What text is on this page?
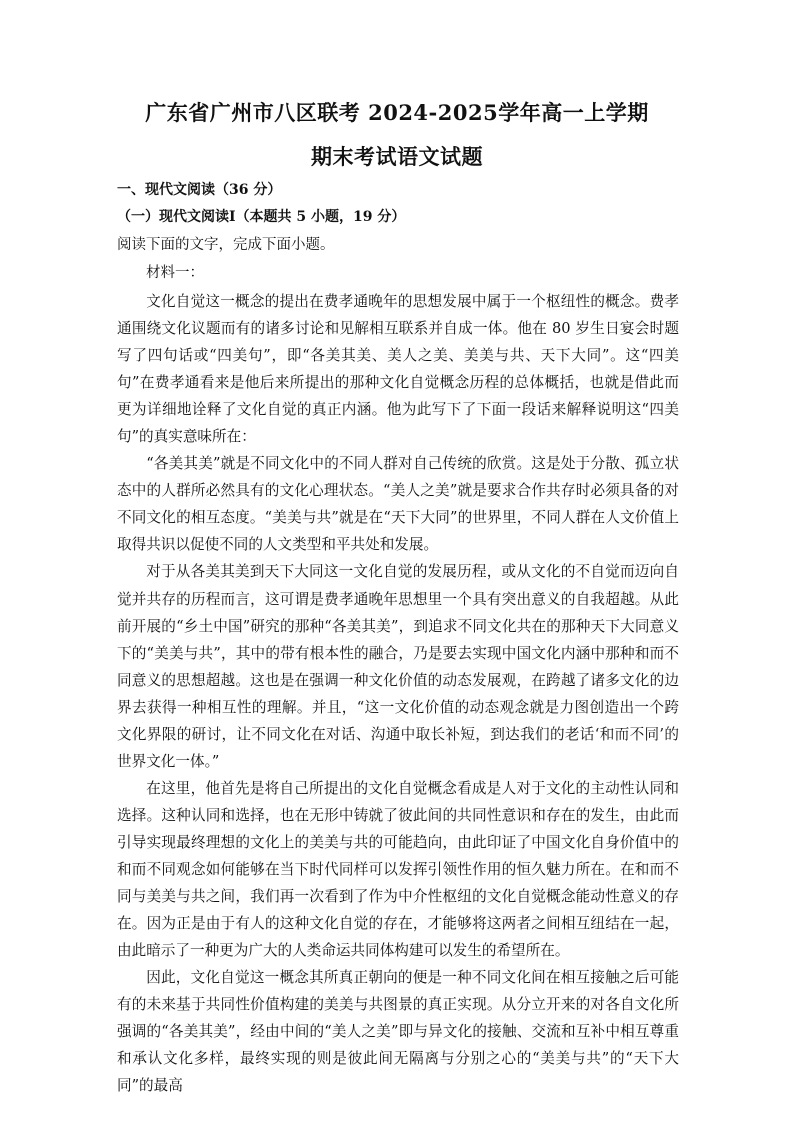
广东省广州市八区联考 2024-2025学年高一上学期
期末考试语文试题
一、现代文阅读（36 分）
（一）现代文阅读Ⅰ（本题共 5 小题，19 分）
阅读下面的文字，完成下面小题。
材料一：

文化自觉这一概念的提出在费孝通晚年的思想发展中属于一个枢纽性的概念。费孝通围绕文化议题而有的诸多讨论和见解相互联系并自成一体。他在 80 岁生日宴会时题写了四句话或“四美句”，即“各美其美、美人之美、美美与共、天下大同”。这“四美句”在费孝通看来是他后来所提出的那种文化自觉概念历程的总体概括，也就是借此而更为详细地诠释了文化自觉的真正内涵。他为此写下了下面一段话来解释说明这“四美句”的真实意味所在：

“各美其美”就是不同文化中的不同人群对自己传统的欣赏。这是处于分散、孤立状态中的人群所必然具有的文化心理状态。“美人之美”就是要求合作共存时必须具备的对不同文化的相互态度。“美美与共”就是在“天下大同”的世界里，不同人群在人文价值上取得共识以促使不同的人文类型和平共处和发展。

对于从各美其美到天下大同这一文化自觉的发展历程，或从文化的不自觉而迈向自觉并共存的历程而言，这可谓是费孝通晚年思想里一个具有突出意义的自我超越。从此前开展的“乡土中国”研究的那种“各美其美”，到追求不同文化共在的那种天下大同意义下的“美美与共”，其中的带有根本性的融合，乃是要去实现中国文化内涵中那种和而不同意义的思想超越。这也是在强调一种文化价值的动态发展观，在跨越了诸多文化的边界去获得一种相互性的理解。并且，“这一文化价值的动态观念就是力图创造出一个跨文化界限的研讨，让不同文化在对话、沟通中取长补短，到达我们的老话‘和而不同’的世界文化一体。”

在这里，他首先是将自己所提出的文化自觉概念看成是人对于文化的主动性认同和选择。这种认同和选择，也在无形中铸就了彼此间的共同性意识和存在的发生，由此而引导实现最终理想的文化上的美美与共的可能趋向，由此印证了中国文化自身价值中的和而不同观念如何能够在当下时代同样可以发挥引领性作用的恒久魅力所在。在和而不同与美美与共之间，我们再一次看到了作为中介性枢纽的文化自觉概念能动性意义的存在。因为正是由于有人的这种文化自觉的存在，才能够将这两者之间相互纽结在一起，由此暗示了一种更为广大的人类命运共同体构建可以发生的希望所在。

因此，文化自觉这一概念其所真正朝向的便是一种不同文化间在相互接触之后可能有的未来基于共同性价值构建的美美与共图景的真正实现。从分立开来的对各自文化所强调的“各美其美”，经由中间的“美人之美”即与异文化的接触、交流和互补中相互尊重和承认文化多样，最终实现的则是彼此间无隔离与分别之心的“美美与共”的“天下大同”的最高
